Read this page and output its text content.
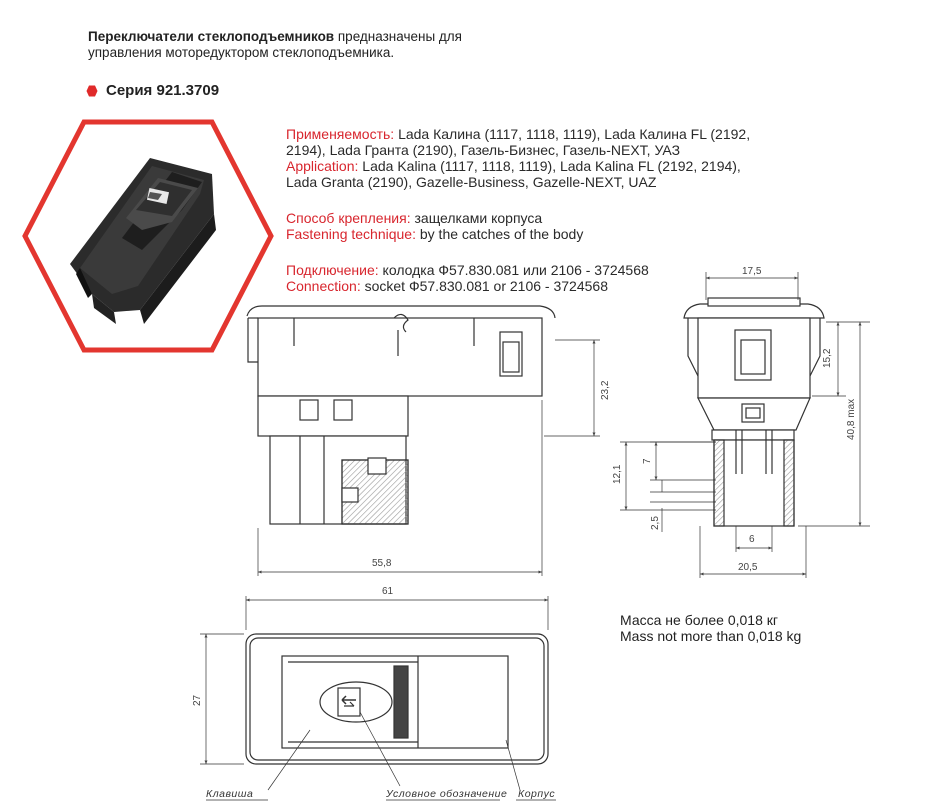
Переключатели стеклоподъемников предназначены для
управления моторедуктором стеклоподъемника.
Серия 921.3709
Применяемость: Lada Калина (1117, 1118, 1119), Lada Калина FL (2192,
2194), Lada Гранта (2190), Газель-Бизнес, Газель-NEXT, УАЗ
Application: Lada Kalina (1117, 1118, 1119), Lada Kalina FL (2192, 2194),
Lada Granta (2190), Gazelle-Business, Gazelle-NEXT, UAZ
Способ крепления: защелками корпуса
Fastening technique: by the catches of the body
Подключение: колодка Ф57.830.081 или 2106 - 3724568
Connection: socket Ф57.830.081 or 2106 - 3724568
55,8
23,2
17,5
15,2
40,8 max
12,1
7
2,5
6
20,5
61
27
Клавиша	Условное обозначение Корпус
Масса не более 0,018 кг
Mass not more than 0,018 kg
